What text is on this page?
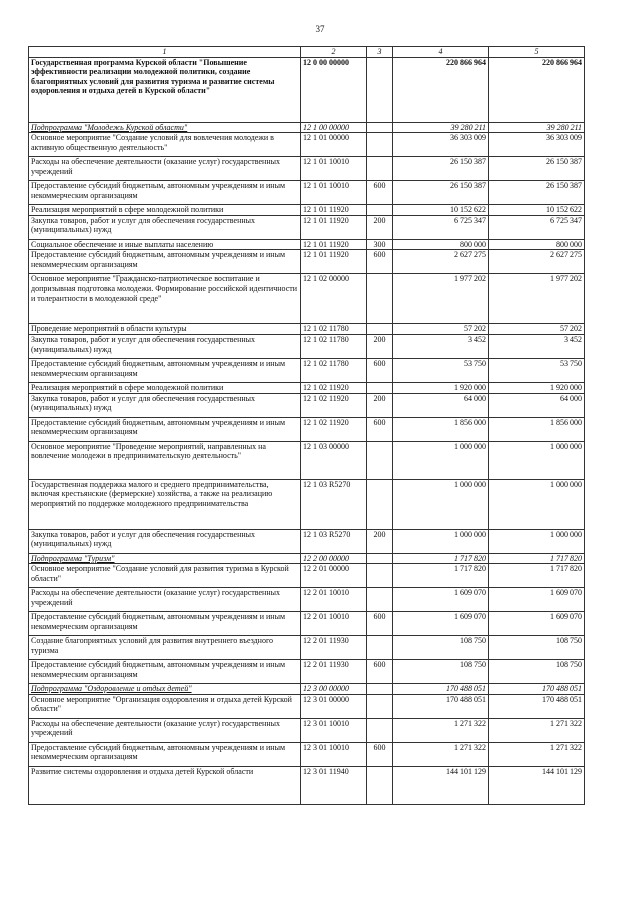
37
1	2	3	4	5
Государственная программа Курской области "Повышение эффективности реализации молодежной политики, создание благоприятных условий для развития туризма и развитие системы оздоровления и отдыха детей в Курской области"	12 0 00 00000		220 866 964	220 866 964
Подпрограмма "Молодежь Курской области"	12 1 00 00000		39 280 211	39 280 211
Основное мероприятие "Создание условий для вовлечения молодежи в активную общественную деятельность"	12 1 01 00000		36 303 009	36 303 009
Расходы на обеспечение деятельности (оказание услуг) государственных учреждений	12 1 01 10010		26 150 387	26 150 387
Предоставление субсидий бюджетным, автономным учреждениям и иным некоммерческим организациям	12 1 01 10010	600	26 150 387	26 150 387
Реализация мероприятий в сфере молодежной политики	12 1 01 11920		10 152 622	10 152 622
Закупка товаров, работ и услуг для обеспечения государственных (муниципальных) нужд	12 1 01 11920	200	6 725 347	6 725 347
Социальное обеспечение и иные выплаты населению	12 1 01 11920	300	800 000	800 000
Предоставление субсидий бюджетным, автономным учреждениям и иным некоммерческим организациям	12 1 01 11920	600	2 627 275	2 627 275
Основное мероприятие "Гражданско-патриотическое воспитание и допризывная подготовка молодежи. Формирование российской идентичности и толерантности в молодежной среде"	12 1 02 00000		1 977 202	1 977 202
Проведение мероприятий в области культуры	12 1 02 11780		57 202	57 202
Закупка товаров, работ и услуг для обеспечения государственных (муниципальных) нужд	12 1 02 11780	200	3 452	3 452
Предоставление субсидий бюджетным, автономным учреждениям и иным некоммерческим организациям	12 1 02 11780	600	53 750	53 750
Реализация мероприятий в сфере молодежной политики	12 1 02 11920		1 920 000	1 920 000
Закупка товаров, работ и услуг для обеспечения государственных (муниципальных) нужд	12 1 02 11920	200	64 000	64 000
Предоставление субсидий бюджетным, автономным учреждениям и иным некоммерческим организациям	12 1 02 11920	600	1 856 000	1 856 000
Основное мероприятие "Проведение мероприятий, направленных на вовлечение молодежи в предпринимательскую деятельность"	12 1 03 00000		1 000 000	1 000 000
Государственная поддержка малого и среднего предпринимательства, включая крестьянские (фермерские) хозяйства, а также на реализацию мероприятий по поддержке молодежного предпринимательства	12 1 03 R5270		1 000 000	1 000 000
Закупка товаров, работ и услуг для обеспечения государственных (муниципальных) нужд	12 1 03 R5270	200	1 000 000	1 000 000
Подпрограмма "Туризм"	12 2 00 00000		1 717 820	1 717 820
Основное мероприятие "Создание условий для развития туризма в Курской области"	12 2 01 00000		1 717 820	1 717 820
Расходы на обеспечение деятельности (оказание услуг) государственных учреждений	12 2 01 10010		1 609 070	1 609 070
Предоставление субсидий бюджетным, автономным учреждениям и иным некоммерческим организациям	12 2 01 10010	600	1 609 070	1 609 070
Создание благоприятных условий для развития внутреннего въездного туризма	12 2 01 11930		108 750	108 750
Предоставление субсидий бюджетным, автономным учреждениям и иным некоммерческим организациям	12 2 01 11930	600	108 750	108 750
Подпрограмма "Оздоровление и отдых детей"	12 3 00 00000		170 488 051	170 488 051
Основное мероприятие "Организация оздоровления и отдыха детей Курской области"	12 3 01 00000		170 488 051	170 488 051
Расходы на обеспечение деятельности (оказание услуг) государственных учреждений	12 3 01 10010		1 271 322	1 271 322
Предоставление субсидий бюджетным, автономным учреждениям и иным некоммерческим организациям	12 3 01 10010	600	1 271 322	1 271 322
Развитие системы оздоровления и отдыха детей Курской области	12 3 01 11940		144 101 129	144 101 129
